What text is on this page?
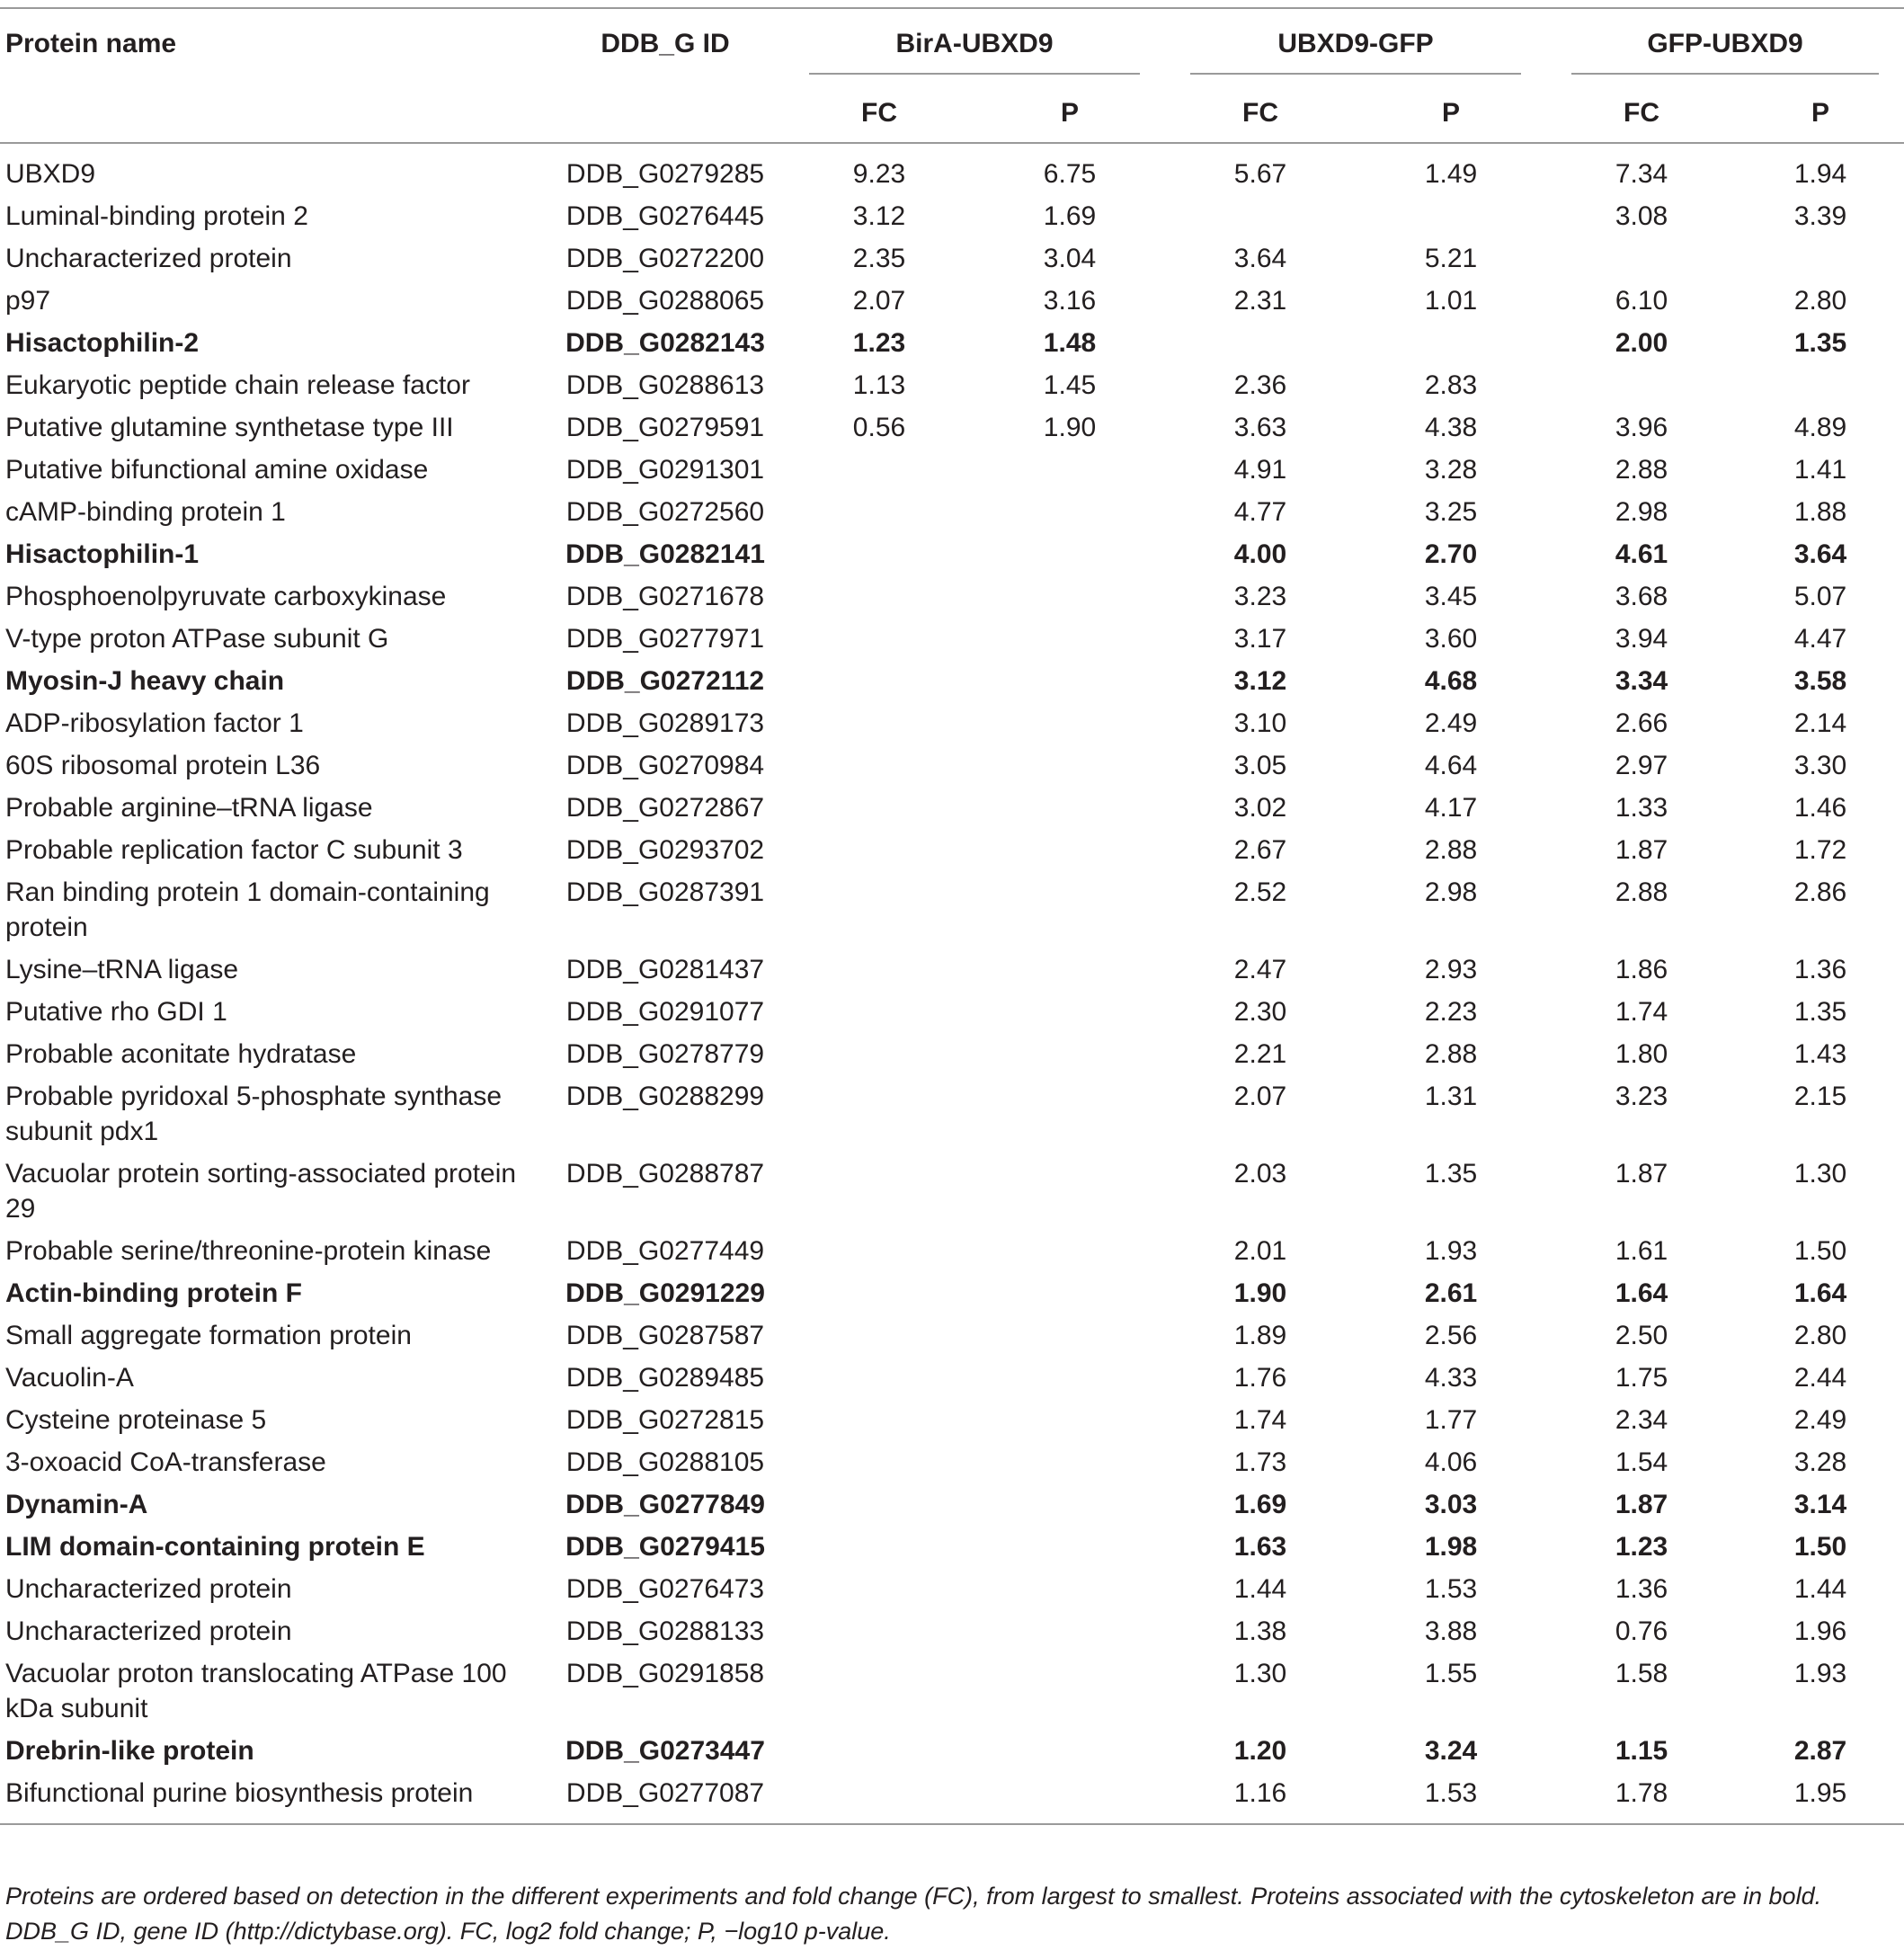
Protein name	DDB_G ID	BirA-UBXD9		UBXD9-GFP		GFP-UBXD9	

		FC	P	FC	P	FC	P
UBXD9	DDB_G0279285	9.23	6.75	5.67	1.49	7.34	1.94
Luminal-binding protein 2	DDB_G0276445	3.12	1.69			3.08	3.39
Uncharacterized protein	DDB_G0272200	2.35	3.04	3.64	5.21		
p97	DDB_G0288065	2.07	3.16	2.31	1.01	6.10	2.80
Hisactophilin-2	DDB_G0282143	1.23	1.48			2.00	1.35
Eukaryotic peptide chain release factor	DDB_G0288613	1.13	1.45	2.36	2.83		
Putative glutamine synthetase type III	DDB_G0279591	0.56	1.90	3.63	4.38	3.96	4.89
Putative bifunctional amine oxidase	DDB_G0291301			4.91	3.28	2.88	1.41
cAMP-binding protein 1	DDB_G0272560			4.77	3.25	2.98	1.88
Hisactophilin-1	DDB_G0282141			4.00	2.70	4.61	3.64
Phosphoenolpyruvate carboxykinase	DDB_G0271678			3.23	3.45	3.68	5.07
V-type proton ATPase subunit G	DDB_G0277971			3.17	3.60	3.94	4.47
Myosin-J heavy chain	DDB_G0272112			3.12	4.68	3.34	3.58
ADP-ribosylation factor 1	DDB_G0289173			3.10	2.49	2.66	2.14
60S ribosomal protein L36	DDB_G0270984			3.05	4.64	2.97	3.30
Probable arginine–tRNA ligase	DDB_G0272867			3.02	4.17	1.33	1.46
Probable replication factor C subunit 3	DDB_G0293702			2.67	2.88	1.87	1.72
Ran binding protein 1 domain-containing protein	DDB_G0287391			2.52	2.98	2.88	2.86
Lysine–tRNA ligase	DDB_G0281437			2.47	2.93	1.86	1.36
Putative rho GDI 1	DDB_G0291077			2.30	2.23	1.74	1.35
Probable aconitate hydratase	DDB_G0278779			2.21	2.88	1.80	1.43
Probable pyridoxal 5-phosphate synthase subunit pdx1	DDB_G0288299			2.07	1.31	3.23	2.15
Vacuolar protein sorting-associated protein 29	DDB_G0288787			2.03	1.35	1.87	1.30
Probable serine/threonine-protein kinase	DDB_G0277449			2.01	1.93	1.61	1.50
Actin-binding protein F	DDB_G0291229			1.90	2.61	1.64	1.64
Small aggregate formation protein	DDB_G0287587			1.89	2.56	2.50	2.80
Vacuolin-A	DDB_G0289485			1.76	4.33	1.75	2.44
Cysteine proteinase 5	DDB_G0272815			1.74	1.77	2.34	2.49
3-oxoacid CoA-transferase	DDB_G0288105			1.73	4.06	1.54	3.28
Dynamin-A	DDB_G0277849			1.69	3.03	1.87	3.14
LIM domain-containing protein E	DDB_G0279415			1.63	1.98	1.23	1.50
Uncharacterized protein	DDB_G0276473			1.44	1.53	1.36	1.44
Uncharacterized protein	DDB_G0288133			1.38	3.88	0.76	1.96
Vacuolar proton translocating ATPase 100 kDa subunit	DDB_G0291858			1.30	1.55	1.58	1.93
Drebrin-like protein	DDB_G0273447			1.20	3.24	1.15	2.87
Bifunctional purine biosynthesis protein	DDB_G0277087			1.16	1.53	1.78	1.95

Proteins are ordered based on detection in the different experiments and fold change (FC), from largest to smallest. Proteins associated with the cytoskeleton are in bold.

DDB_G ID, gene ID (http://dictybase.org). FC, log2 fold change; P, −log10 p-value.
